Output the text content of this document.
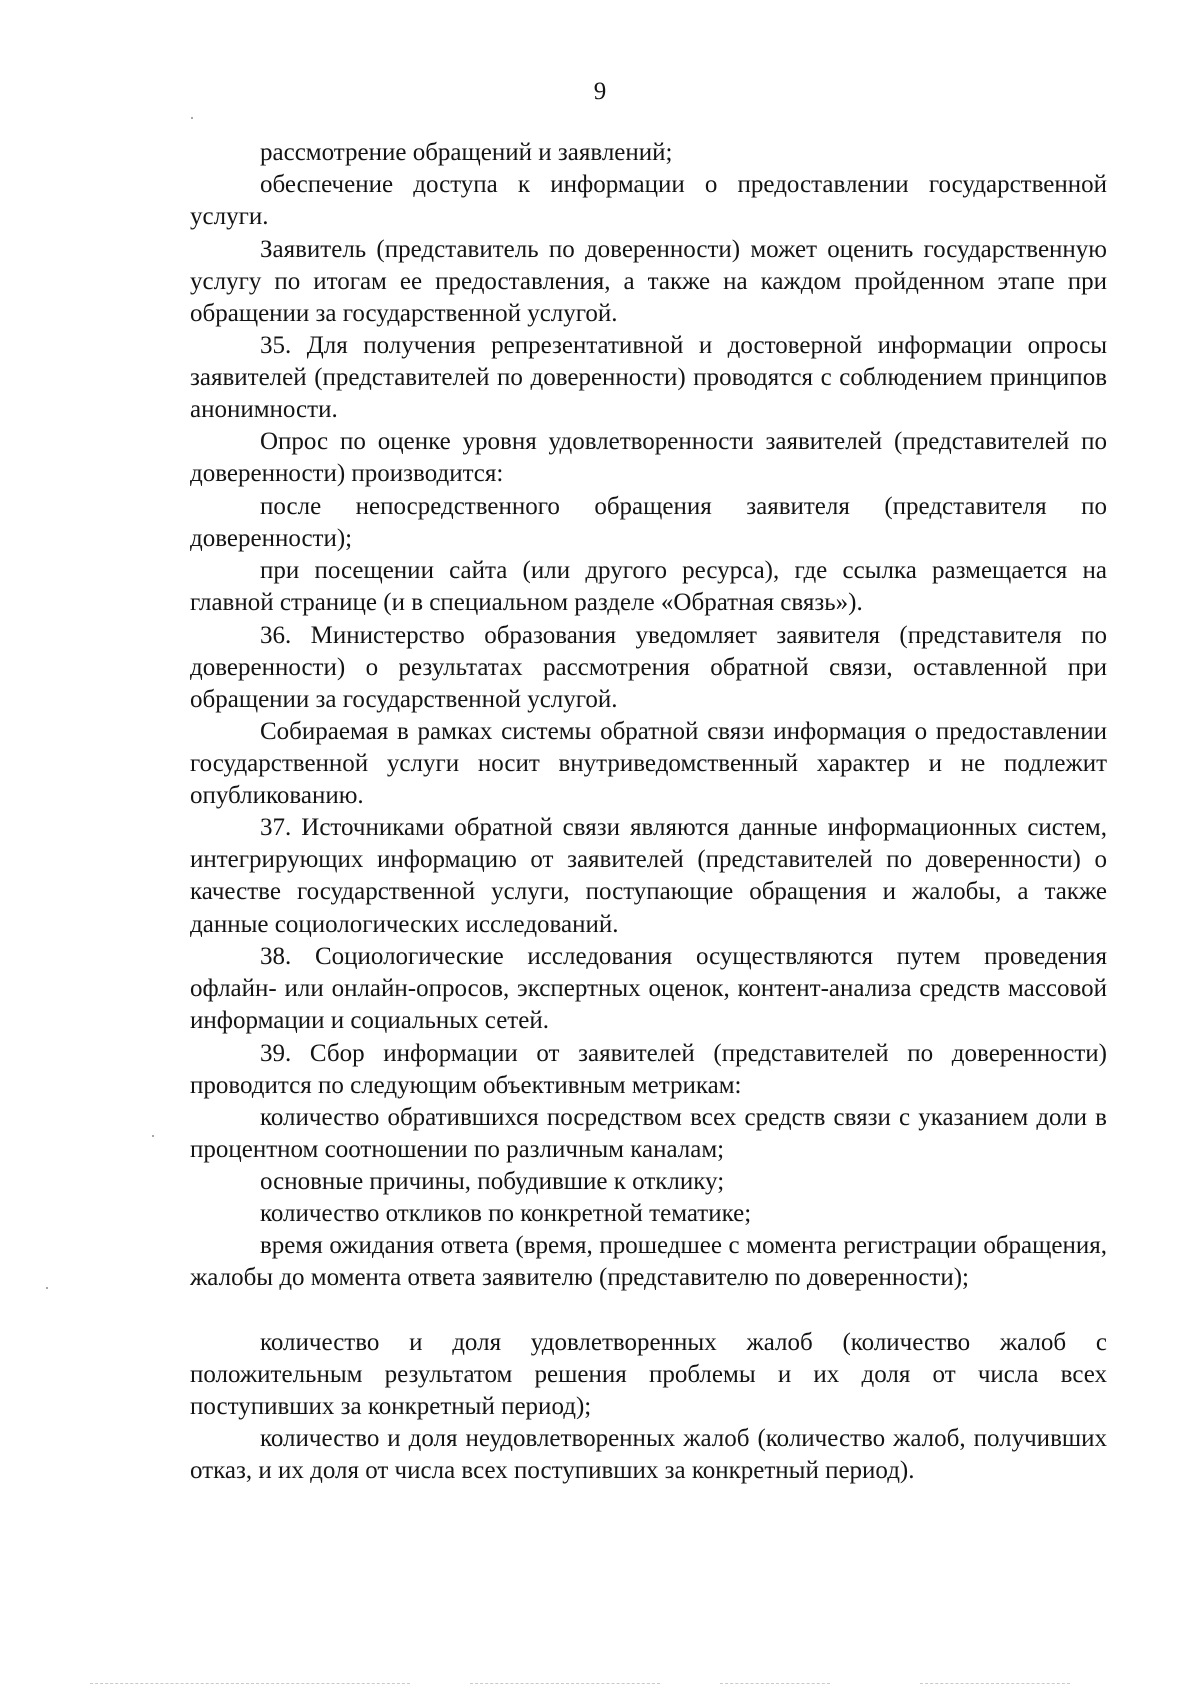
9

рассмотрение обращений и заявлений;

обеспечение доступа к информации о предоставлении государственной услуги.

Заявитель (представитель по доверенности) может оценить государственную услугу по итогам ее предоставления, а также на каждом пройденном этапе при обращении за государственной услугой.

35. Для получения репрезентативной и достоверной информации опросы заявителей (представителей по доверенности) проводятся с соблюдением принципов анонимности.

Опрос по оценке уровня удовлетворенности заявителей (представителей по доверенности) производится:

после непосредственного обращения заявителя (представителя по доверенности);

при посещении сайта (или другого ресурса), где ссылка размещается на главной странице (и в специальном разделе «Обратная связь»).

36. Министерство образования уведомляет заявителя (представителя по доверенности) о результатах рассмотрения обратной связи, оставленной при обращении за государственной услугой.

Собираемая в рамках системы обратной связи информация о предоставлении государственной услуги носит внутриведомственный характер и не подлежит опубликованию.

37. Источниками обратной связи являются данные информационных систем, интегрирующих информацию от заявителей (представителей по доверенности) о качестве государственной услуги, поступающие обращения и жалобы, а также данные социологических исследований.

38. Социологические исследования осуществляются путем проведения офлайн- или онлайн-опросов, экспертных оценок, контент-анализа средств массовой информации и социальных сетей.

39. Сбор информации от заявителей (представителей по доверенности) проводится по следующим объективным метрикам:

количество обратившихся посредством всех средств связи с указанием доли в процентном соотношении по различным каналам;

основные причины, побудившие к отклику;

количество откликов по конкретной тематике;

время ожидания ответа (время, прошедшее с момента регистрации обращения, жалобы до момента ответа заявителю (представителю по доверенности);

количество и доля удовлетворенных жалоб (количество жалоб с положительным результатом решения проблемы и их доля от числа всех поступивших за конкретный период);

количество и доля неудовлетворенных жалоб (количество жалоб, получивших отказ, и их доля от числа всех поступивших за конкретный период).
